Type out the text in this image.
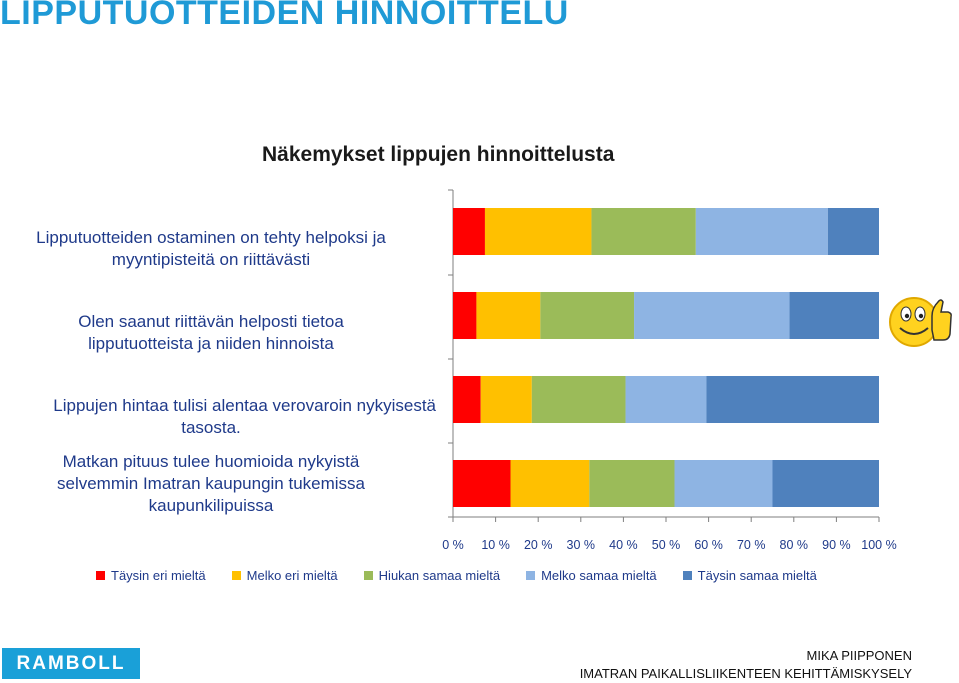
LIPPUTUOTTEIDEN HINNOITTELU
Näkemykset lippujen hinnoittelusta
Lipputuotteiden ostaminen on tehty helpoksi ja
myyntipisteitä on riittävästi
Olen saanut riittävän helposti tietoa
lipputuotteista ja niiden hinnoista
Lippujen hintaa tulisi alentaa verovaroin nykyisestä
tasosta.
Matkan pituus tulee huomioida nykyistä
selvemmin Imatran kaupungin tukemissa
kaupunkilipuissa
0 % 10 % 20 % 30 % 40 % 50 % 60 % 70 % 80 % 90 % 100 %
Täysin eri mieltä	Melko eri mieltä	Hiukan samaa mieltä	Melko samaa mieltä	Täysin samaa mieltä
RAMBOLL	MIKA PIIPPONEN
IMATRAN PAIKALLISLIIKENTEEN KEHITTÄMISKYSELY
